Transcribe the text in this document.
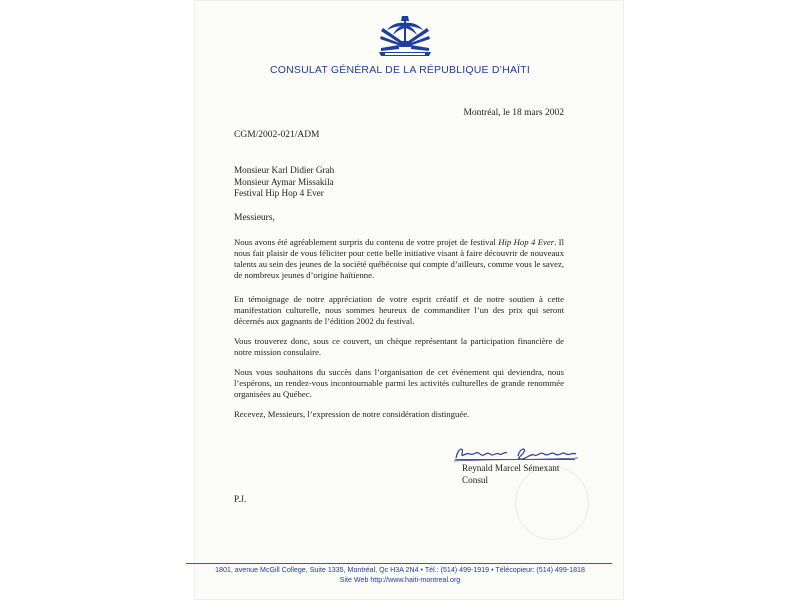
CONSULAT GÉNÉRAL DE LA RÉPUBLIQUE D’HAÏTI
Montréal, le 18 mars 2002
CGM/2002-021/ADM
Monsieur Karl Didier Grah
Monsieur Aymar Missakila
Festival Hip Hop 4 Ever
Messieurs,

Nous avons été agréablement surpris du contenu de votre projet de festival Hip Hop 4 Ever. Il nous fait plaisir de vous féliciter pour cette belle initiative visant à faire découvrir de nouveaux talents au sein des jeunes de la société québécoise qui compte d’ailleurs, comme vous le savez, de nombreux jeunes d’origine haïtienne.

En témoignage de notre appréciation de votre esprit créatif et de notre soutien à cette manifestation culturelle, nous sommes heureux de commanditer l’un des prix qui seront décernés aux gagnants de l’édition 2002 du festival.

Vous trouverez donc, sous ce couvert, un chèque représentant la participation financière de notre mission consulaire.

Nous vous souhaitons du succès dans l’organisation de cet évènement qui deviendra, nous l’espérons, un rendez-vous incontournable parmi les activités culturelles de grande renommée organisées au Québec.

Recevez, Messieurs, l’expression de notre considération distinguée.

Reynald Marcel Sémexant
Consul
P.J.
1801, avenue McGill College, Suite 1335, Montréal, Qc H3A 2N4 • Tél.: (514) 499-1919 • Télécopieur: (514) 499-1818
Site Web http://www.haiti-montreal.org
